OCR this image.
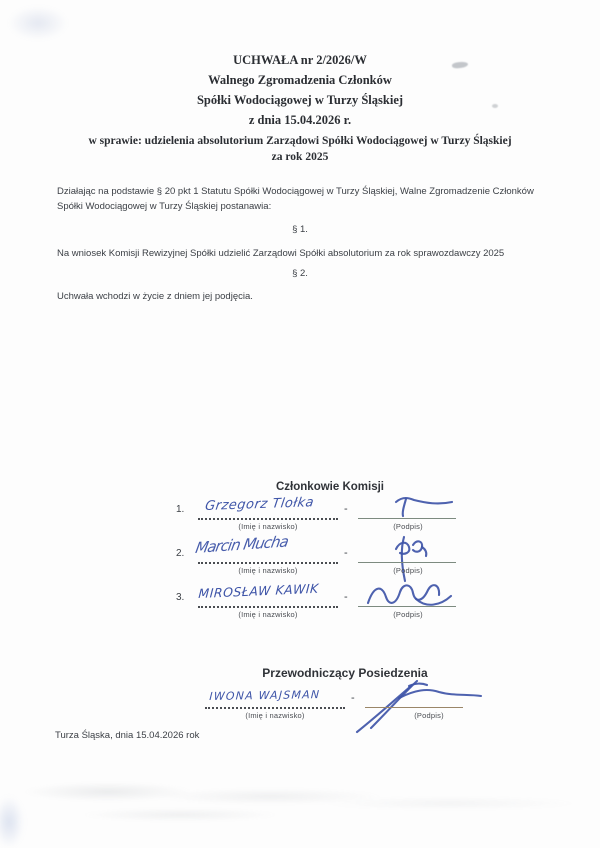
UCHWAŁA nr 2/2026/W
Walnego Zgromadzenia Członków
Spółki Wodociągowej w Turzy Śląskiej
z dnia 15.04.2026 r.
w sprawie: udzielenia absolutorium Zarządowi Spółki Wodociągowej w Turzy Śląskiej
za rok 2025

Działając na podstawie § 20 pkt 1 Statutu Spółki Wodociągowej w Turzy Śląskiej, Walne Zgromadzenie Członków Spółki Wodociągowej w Turzy Śląskiej postanawia:

§ 1.

Na wniosek Komisji Rewizyjnej Spółki udzielić Zarządowi Spółki absolutorium za rok sprawozdawczy 2025

§ 2.

Uchwała wchodzi w życie z dniem jej podjęcia.

Członkowie Komisji
1. Grzegorz Tlołka
(Imię i nazwisko)
-
(Podpis)
2. Marcin Mucha
(Imię i nazwisko)
-
(Podpis)
3. MIROSŁAW KAWIK
(Imię i nazwisko)
-
(Podpis)
Przewodniczący Posiedzenia
IWONA WAJSMAN
(Imię i nazwisko)
-
(Podpis)
Turza Śląska, dnia 15.04.2026 rok
